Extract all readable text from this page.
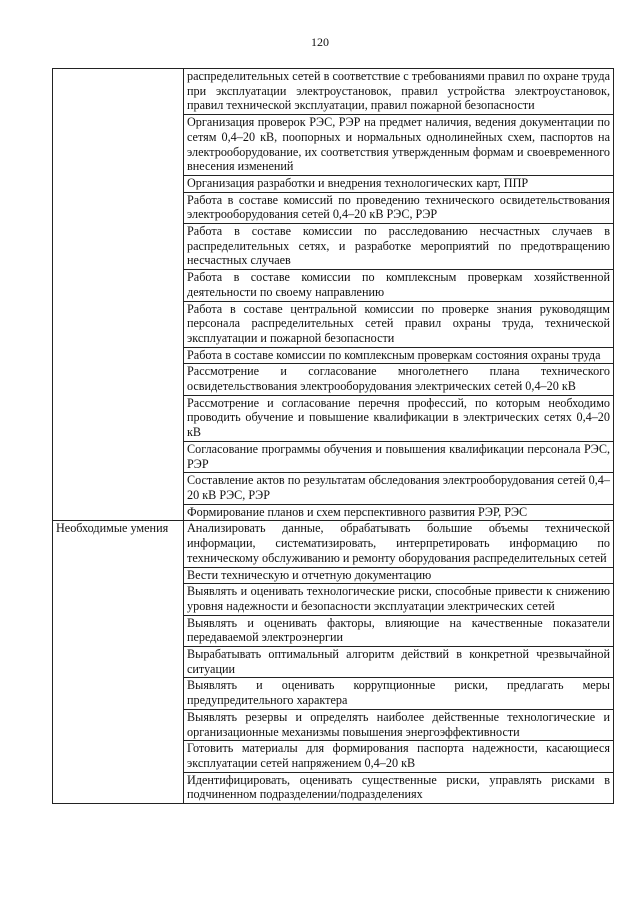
120
	распределительных сетей в соответствие с требованиями правил по охране труда при эксплуатации электроустановок, правил устройства электроустановок, правил технической эксплуатации, правил пожарной безопасности
	Организация проверок РЭС, РЭР на предмет наличия, ведения документации по сетям 0,4–20 кВ, поопорных и нормальных однолинейных схем, паспортов на электрооборудование, их соответствия утвержденным формам и своевременного внесения изменений
	Организация разработки и внедрения технологических карт, ППР
	Работа в составе комиссий по проведению технического освидетельствования электрооборудования сетей 0,4–20 кВ РЭС, РЭР
	Работа в составе комиссии по расследованию несчастных случаев в распределительных сетях, и разработке мероприятий по предотвращению несчастных случаев
	Работа в составе комиссии по комплексным проверкам хозяйственной деятельности по своему направлению
	Работа в составе центральной комиссии по проверке знания руководящим персонала распределительных сетей правил охраны труда, технической эксплуатации и пожарной безопасности
	Работа в составе комиссии по комплексным проверкам состояния охраны труда
	Рассмотрение и согласование многолетнего плана технического освидетельствования электрооборудования электрических сетей 0,4–20 кВ
	Рассмотрение и согласование перечня профессий, по которым необходимо проводить обучение и повышение квалификации в электрических сетях 0,4–20 кВ
	Согласование программы обучения и повышения квалификации персонала РЭС, РЭР
	Составление актов по результатам обследования электрооборудования сетей 0,4–20 кВ РЭС, РЭР
	Формирование планов и схем перспективного развития РЭР, РЭС
Необходимые умения	Анализировать данные, обрабатывать большие объемы технической информации, систематизировать, интерпретировать информацию по техническому обслуживанию и ремонту оборудования распределительных сетей
	Вести техническую и отчетную документацию
	Выявлять и оценивать технологические риски, способные привести к снижению уровня надежности и безопасности эксплуатации электрических сетей
	Выявлять и оценивать факторы, влияющие на качественные показатели передаваемой электроэнергии
	Вырабатывать оптимальный алгоритм действий в конкретной чрезвычайной ситуации
	Выявлять и оценивать коррупционные риски, предлагать меры предупредительного характера
	Выявлять резервы и определять наиболее действенные технологические и организационные механизмы повышения энергоэффективности
	Готовить материалы для формирования паспорта надежности, касающиеся эксплуатации сетей напряжением 0,4–20 кВ
	Идентифицировать, оценивать существенные риски, управлять рисками в подчиненном подразделении/подразделениях
